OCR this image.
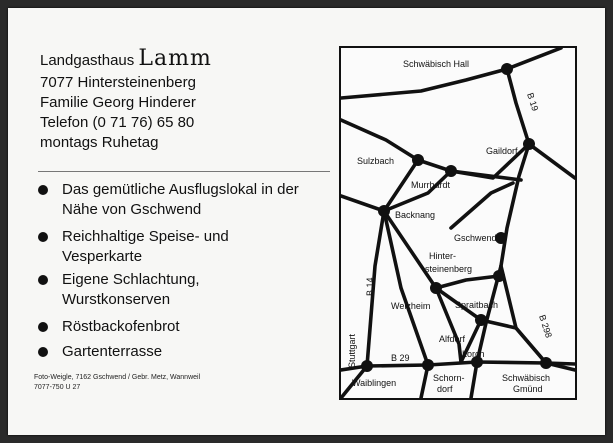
Landgasthaus Lamm
7077 Hintersteinenberg
Familie Georg Hinderer
Telefon (0 71 76) 65 80
montags Ruhetag
Das gemütliche Ausflugslokal in der
Nähe von Gschwend
Reichhaltige Speise- und
Vesperkarte
Eigene Schlachtung,
Wurstkonserven
Röstbackofenbrot
Gartenterrasse
Foto-Weigle, 7162 Gschwend / Gebr. Metz, Wannweil
7077-750 U 27
Schwäbisch Hall
Gaildorf
Sulzbach
Murrhardt
Backnang
Gschwend
Hinter-
steinenberg
Welzheim	Spraitbach
Alfdorf
Waiblingen	Schorn-
dorf
Lorch
Schwäbisch
Gmünd
B 29
Stuttgart
B 14
B 19
B 298
